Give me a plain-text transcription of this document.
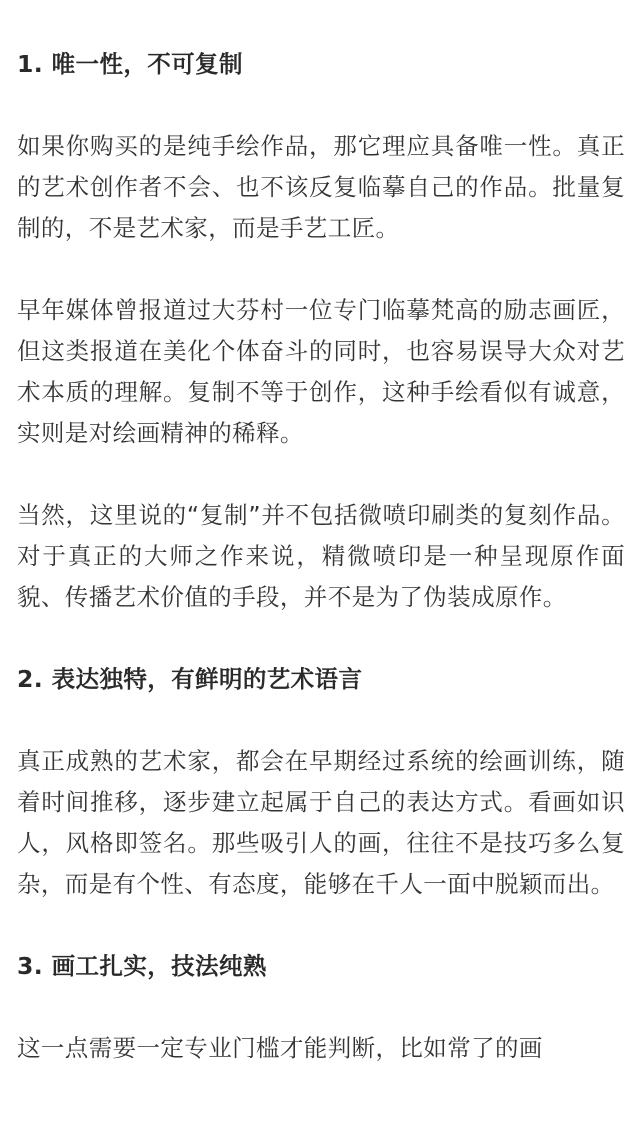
1. 唯一性，不可复制
如果你购买的是纯手绘作品，那它理应具备唯一性。真正的艺术创作者不会、也不该反复临摹自己的作品。批量复制的，不是艺术家，而是手艺工匠。
早年媒体曾报道过大芬村一位专门临摹梵高的励志画匠，但这类报道在美化个体奋斗的同时，也容易误导大众对艺术本质的理解。复制不等于创作，这种手绘看似有诚意，实则是对绘画精神的稀释。
当然，这里说的“复制”并不包括微喷印刷类的复刻作品。对于真正的大师之作来说，精微喷印是一种呈现原作面貌、传播艺术价值的手段，并不是为了伪装成原作。
2. 表达独特，有鲜明的艺术语言
真正成熟的艺术家，都会在早期经过系统的绘画训练，随着时间推移，逐步建立起属于自己的表达方式。看画如识人，风格即签名。那些吸引人的画，往往不是技巧多么复杂，而是有个性、有态度，能够在千人一面中脱颖而出。
3. 画工扎实，技法纯熟
这一点需要一定专业门槛才能判断，比如常了的画
